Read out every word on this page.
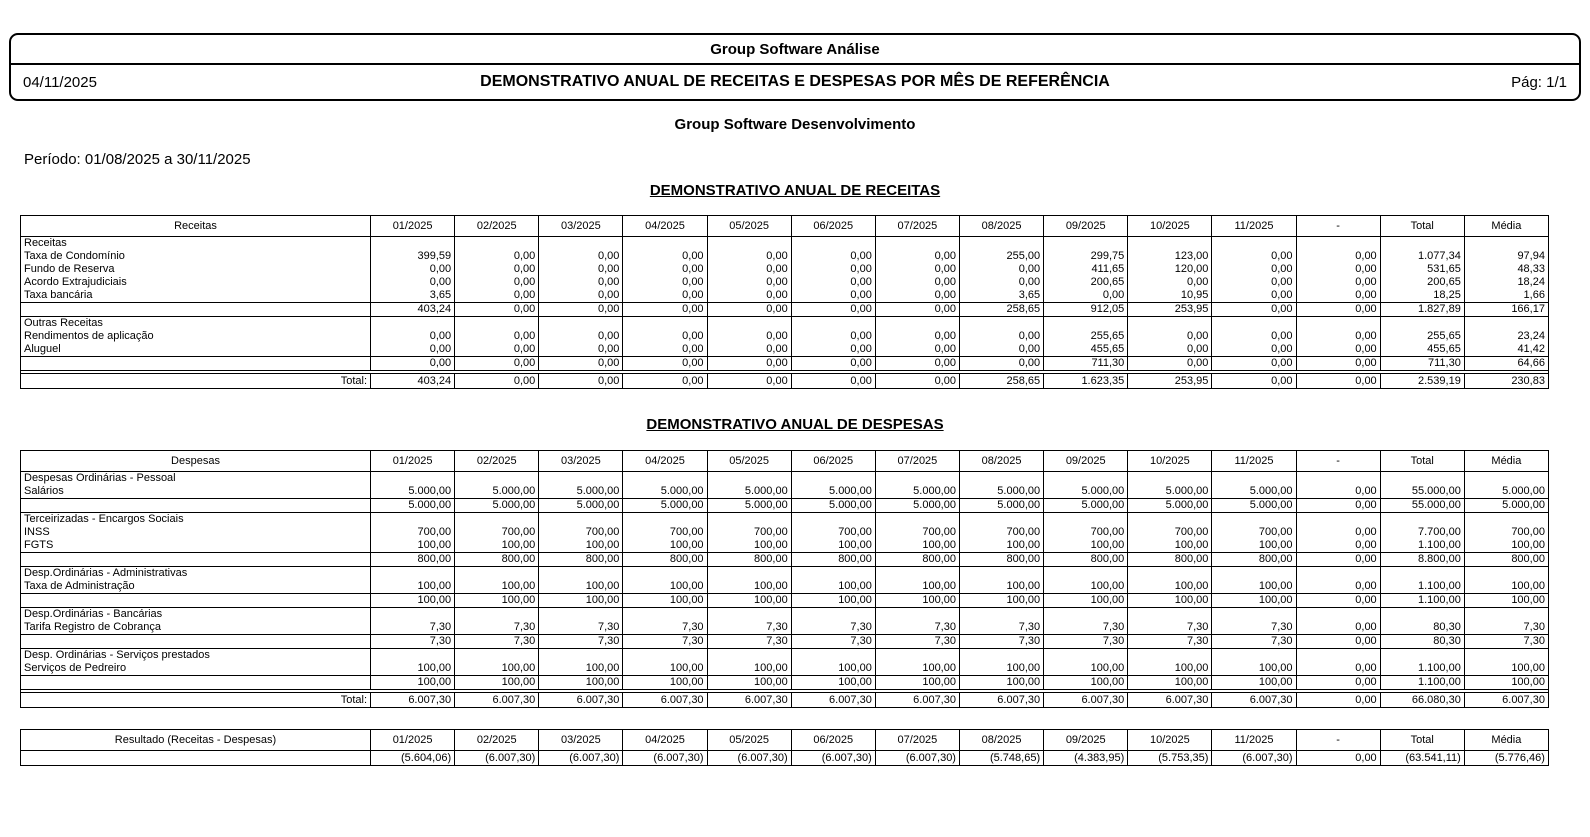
Group Software Análise
04/11/2025	DEMONSTRATIVO ANUAL DE RECEITAS E DESPESAS POR MÊS DE REFERÊNCIA	Pág: 1/1
Group Software Desenvolvimento
Período: 01/08/2025 a 30/11/2025
DEMONSTRATIVO ANUAL DE RECEITAS
Receitas	01/2025	02/2025	03/2025	04/2025	05/2025	06/2025	07/2025	08/2025	09/2025	10/2025	11/2025	-	Total	Média
Receitas														
Taxa de Condomínio	399,59	0,00	0,00	0,00	0,00	0,00	0,00	255,00	299,75	123,00	0,00	0,00	1.077,34	97,94
Fundo de Reserva	0,00	0,00	0,00	0,00	0,00	0,00	0,00	0,00	411,65	120,00	0,00	0,00	531,65	48,33
Acordo Extrajudiciais	0,00	0,00	0,00	0,00	0,00	0,00	0,00	0,00	200,65	0,00	0,00	0,00	200,65	18,24
Taxa bancária	3,65	0,00	0,00	0,00	0,00	0,00	0,00	3,65	0,00	10,95	0,00	0,00	18,25	1,66
	403,24	0,00	0,00	0,00	0,00	0,00	0,00	258,65	912,05	253,95	0,00	0,00	1.827,89	166,17
Outras Receitas														
Rendimentos de aplicação	0,00	0,00	0,00	0,00	0,00	0,00	0,00	0,00	255,65	0,00	0,00	0,00	255,65	23,24
Aluguel	0,00	0,00	0,00	0,00	0,00	0,00	0,00	0,00	455,65	0,00	0,00	0,00	455,65	41,42
	0,00	0,00	0,00	0,00	0,00	0,00	0,00	0,00	711,30	0,00	0,00	0,00	711,30	64,66

Total:	403,24	0,00	0,00	0,00	0,00	0,00	0,00	258,65	1.623,35	253,95	0,00	0,00	2.539,19	230,83
DEMONSTRATIVO ANUAL DE DESPESAS
Despesas	01/2025	02/2025	03/2025	04/2025	05/2025	06/2025	07/2025	08/2025	09/2025	10/2025	11/2025	-	Total	Média
Despesas Ordinárias - Pessoal														
Salários	5.000,00	5.000,00	5.000,00	5.000,00	5.000,00	5.000,00	5.000,00	5.000,00	5.000,00	5.000,00	5.000,00	0,00	55.000,00	5.000,00
	5.000,00	5.000,00	5.000,00	5.000,00	5.000,00	5.000,00	5.000,00	5.000,00	5.000,00	5.000,00	5.000,00	0,00	55.000,00	5.000,00
Terceirizadas - Encargos Sociais														
INSS	700,00	700,00	700,00	700,00	700,00	700,00	700,00	700,00	700,00	700,00	700,00	0,00	7.700,00	700,00
FGTS	100,00	100,00	100,00	100,00	100,00	100,00	100,00	100,00	100,00	100,00	100,00	0,00	1.100,00	100,00
	800,00	800,00	800,00	800,00	800,00	800,00	800,00	800,00	800,00	800,00	800,00	0,00	8.800,00	800,00
Desp.Ordinárias - Administrativas														
Taxa de Administração	100,00	100,00	100,00	100,00	100,00	100,00	100,00	100,00	100,00	100,00	100,00	0,00	1.100,00	100,00
	100,00	100,00	100,00	100,00	100,00	100,00	100,00	100,00	100,00	100,00	100,00	0,00	1.100,00	100,00
Desp.Ordinárias - Bancárias														
Tarifa Registro de Cobrança	7,30	7,30	7,30	7,30	7,30	7,30	7,30	7,30	7,30	7,30	7,30	0,00	80,30	7,30
	7,30	7,30	7,30	7,30	7,30	7,30	7,30	7,30	7,30	7,30	7,30	0,00	80,30	7,30
Desp. Ordinárias - Serviços prestados														
Serviços de Pedreiro	100,00	100,00	100,00	100,00	100,00	100,00	100,00	100,00	100,00	100,00	100,00	0,00	1.100,00	100,00
	100,00	100,00	100,00	100,00	100,00	100,00	100,00	100,00	100,00	100,00	100,00	0,00	1.100,00	100,00

Total:	6.007,30	6.007,30	6.007,30	6.007,30	6.007,30	6.007,30	6.007,30	6.007,30	6.007,30	6.007,30	6.007,30	0,00	66.080,30	6.007,30
Resultado (Receitas - Despesas)	01/2025	02/2025	03/2025	04/2025	05/2025	06/2025	07/2025	08/2025	09/2025	10/2025	11/2025	-	Total	Média
	(5.604,06)	(6.007,30)	(6.007,30)	(6.007,30)	(6.007,30)	(6.007,30)	(6.007,30)	(5.748,65)	(4.383,95)	(5.753,35)	(6.007,30)	0,00	(63.541,11)	(5.776,46)
